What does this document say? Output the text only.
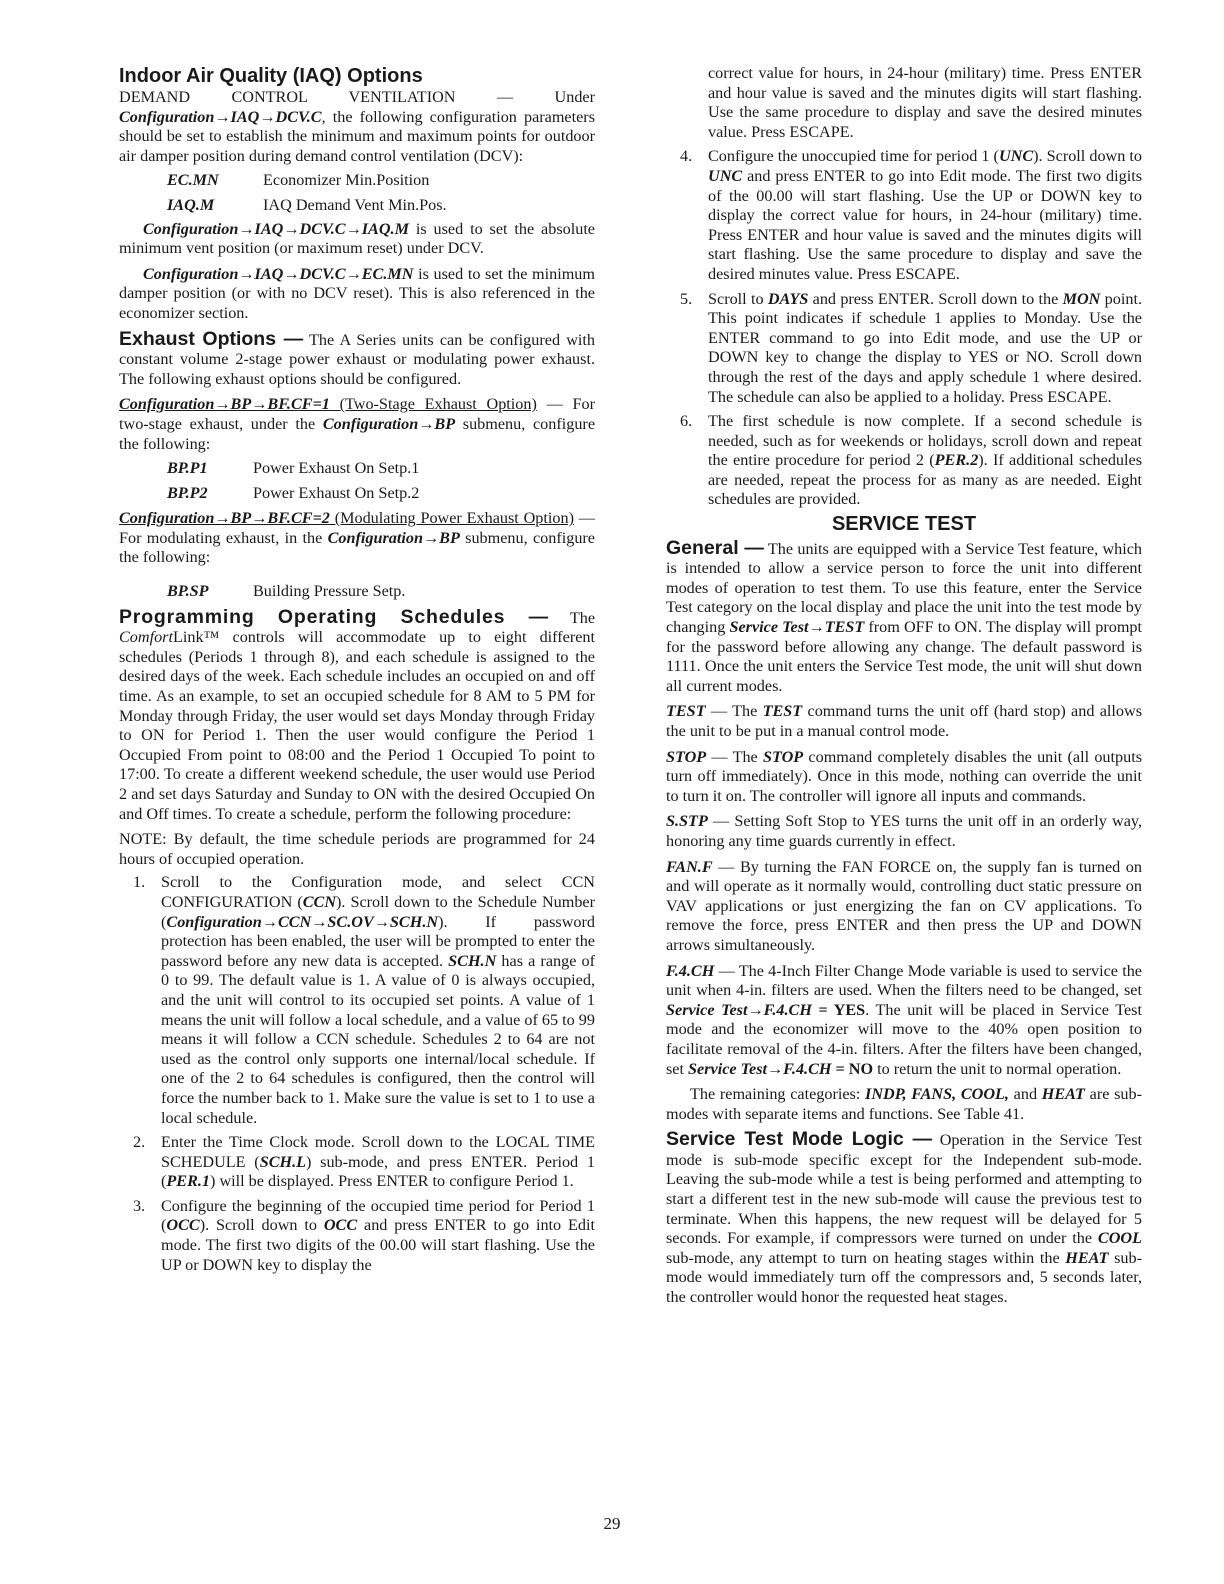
Indoor Air Quality (IAQ) Options

DEMAND CONTROL VENTILATION — Under Configuration→IAQ→DCV.C, the following configuration parameters should be set to establish the minimum and maximum points for outdoor air damper position during demand control ventilation (DCV):

EC.MN	Economizer Min.Position
IAQ.M	IAQ Demand Vent Min.Pos.

Configuration→IAQ→DCV.C→IAQ.M is used to set the absolute minimum vent position (or maximum reset) under DCV.

Configuration→IAQ→DCV.C→EC.MN is used to set the minimum damper position (or with no DCV reset). This is also referenced in the economizer section.

Exhaust Options — The A Series units can be configured with constant volume 2-stage power exhaust or modulating power exhaust. The following exhaust options should be configured.

Configuration→BP→BF.CF=1 (Two-Stage Exhaust Option) — For two-stage exhaust, under the Configuration→BP submenu, configure the following:

BP.P1	Power Exhaust On Setp.1
BP.P2	Power Exhaust On Setp.2

Configuration→BP→BF.CF=2 (Modulating Power Exhaust Option) — For modulating exhaust, in the Configuration→BP submenu, configure the following:

BP.SP	Building Pressure Setp.

Programming Operating Schedules — The ComfortLink™ controls will accommodate up to eight different schedules (Periods 1 through 8), and each schedule is assigned to the desired days of the week. Each schedule includes an occupied on and off time. As an example, to set an occupied schedule for 8 AM to 5 PM for Monday through Friday, the user would set days Monday through Friday to ON for Period 1. Then the user would configure the Period 1 Occupied From point to 08:00 and the Period 1 Occupied To point to 17:00. To create a different weekend schedule, the user would use Period 2 and set days Saturday and Sunday to ON with the desired Occupied On and Off times. To create a schedule, perform the following procedure:

NOTE: By default, the time schedule periods are programmed for 24 hours of occupied operation.

1. Scroll to the Configuration mode, and select CCN CONFIGURATION (CCN). Scroll down to the Schedule Number (Configuration→CCN→SC.OV→SCH.N). If password protection has been enabled, the user will be prompted to enter the password before any new data is accepted. SCH.N has a range of 0 to 99. The default value is 1. A value of 0 is always occupied, and the unit will control to its occupied set points. A value of 1 means the unit will follow a local schedule, and a value of 65 to 99 means it will follow a CCN schedule. Schedules 2 to 64 are not used as the control only supports one internal/local schedule. If one of the 2 to 64 schedules is configured, then the control will force the number back to 1. Make sure the value is set to 1 to use a local schedule.
2. Enter the Time Clock mode. Scroll down to the LOCAL TIME SCHEDULE (SCH.L) sub-mode, and press ENTER. Period 1 (PER.1) will be displayed. Press ENTER to configure Period 1.
3. Configure the beginning of the occupied time period for Period 1 (OCC). Scroll down to OCC and press ENTER to go into Edit mode. The first two digits of the 00.00 will start flashing. Use the UP or DOWN key to display the
correct value for hours, in 24-hour (military) time. Press ENTER and hour value is saved and the minutes digits will start flashing. Use the same procedure to display and save the desired minutes value. Press ESCAPE.
4. Configure the unoccupied time for period 1 (UNC). Scroll down to UNC and press ENTER to go into Edit mode. The first two digits of the 00.00 will start flashing. Use the UP or DOWN key to display the correct value for hours, in 24-hour (military) time. Press ENTER and hour value is saved and the minutes digits will start flashing. Use the same procedure to display and save the desired minutes value. Press ESCAPE.
5. Scroll to DAYS and press ENTER. Scroll down to the MON point. This point indicates if schedule 1 applies to Monday. Use the ENTER command to go into Edit mode, and use the UP or DOWN key to change the display to YES or NO. Scroll down through the rest of the days and apply schedule 1 where desired. The schedule can also be applied to a holiday. Press ESCAPE.
6. The first schedule is now complete. If a second schedule is needed, such as for weekends or holidays, scroll down and repeat the entire procedure for period 2 (PER.2). If additional schedules are needed, repeat the process for as many as are needed. Eight schedules are provided.
SERVICE TEST

General — The units are equipped with a Service Test feature, which is intended to allow a service person to force the unit into different modes of operation to test them. To use this feature, enter the Service Test category on the local display and place the unit into the test mode by changing Service Test→TEST from OFF to ON. The display will prompt for the password before allowing any change. The default password is 1111. Once the unit enters the Service Test mode, the unit will shut down all current modes.

TEST — The TEST command turns the unit off (hard stop) and allows the unit to be put in a manual control mode.

STOP — The STOP command completely disables the unit (all outputs turn off immediately). Once in this mode, nothing can override the unit to turn it on. The controller will ignore all inputs and commands.

S.STP — Setting Soft Stop to YES turns the unit off in an orderly way, honoring any time guards currently in effect.

FAN.F — By turning the FAN FORCE on, the supply fan is turned on and will operate as it normally would, controlling duct static pressure on VAV applications or just energizing the fan on CV applications. To remove the force, press ENTER and then press the UP and DOWN arrows simultaneously.

F.4.CH — The 4-Inch Filter Change Mode variable is used to service the unit when 4-in. filters are used. When the filters need to be changed, set Service Test→F.4.CH = YES. The unit will be placed in Service Test mode and the economizer will move to the 40% open position to facilitate removal of the 4-in. filters. After the filters have been changed, set Service Test→F.4.CH = NO to return the unit to normal operation.

The remaining categories: INDP, FANS, COOL, and HEAT are sub-modes with separate items and functions. See Table 41.

Service Test Mode Logic — Operation in the Service Test mode is sub-mode specific except for the Independent sub-mode. Leaving the sub-mode while a test is being performed and attempting to start a different test in the new sub-mode will cause the previous test to terminate. When this happens, the new request will be delayed for 5 seconds. For example, if compressors were turned on under the COOL sub-mode, any attempt to turn on heating stages within the HEAT sub-mode would immediately turn off the compressors and, 5 seconds later, the controller would honor the requested heat stages.

29
